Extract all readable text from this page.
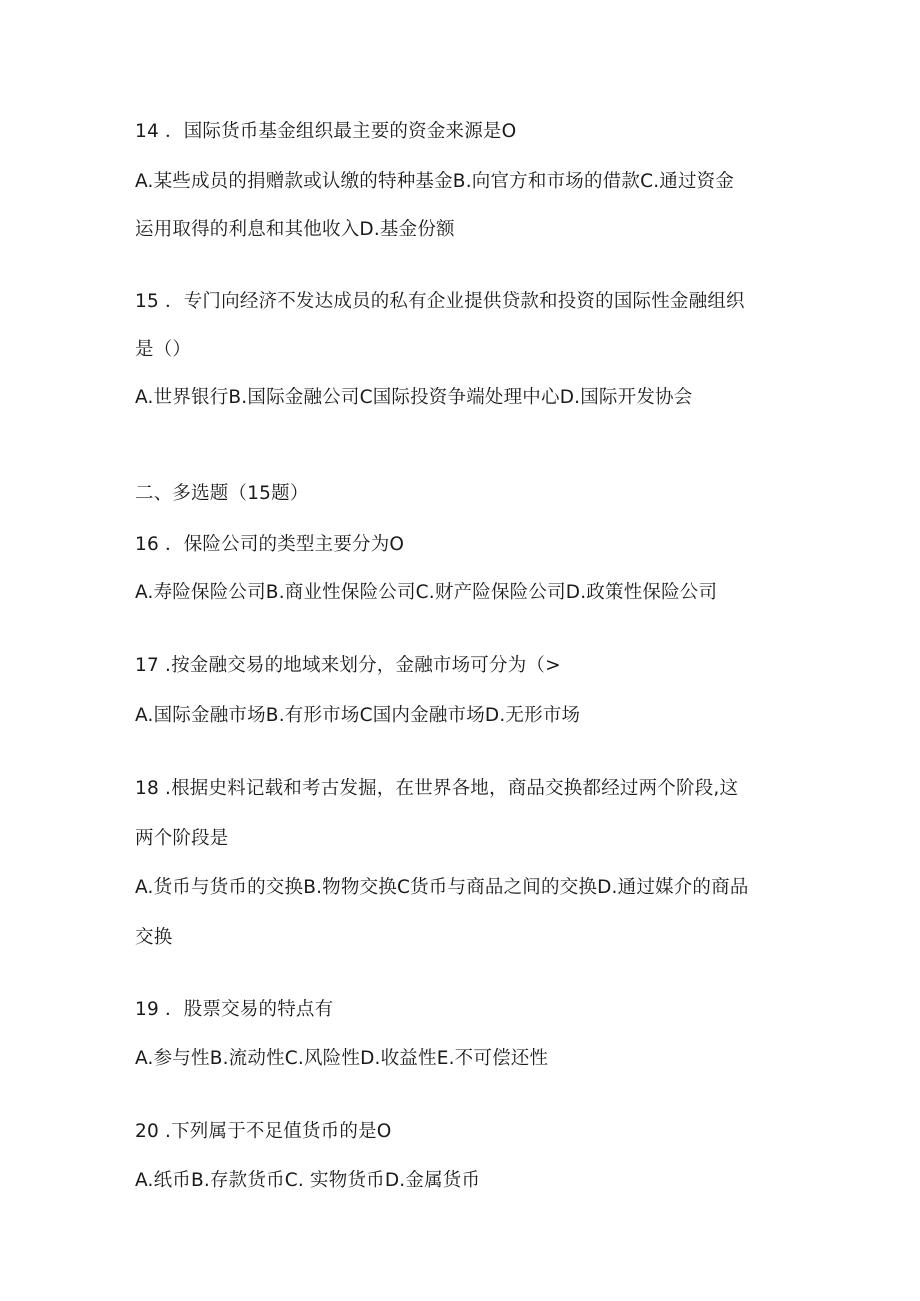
14 ．国际货币基金组织最主要的资金来源是O
A.某些成员的捐赠款或认缴的特种基金B.向官方和市场的借款C.通过资金
运用取得的利息和其他收入D.基金份额
15 ．专门向经济不发达成员的私有企业提供贷款和投资的国际性金融组织
是（）
A.世界银行B.国际金融公司C国际投资争端处理中心D.国际开发协会
二、多选题（15题）
16 ．保险公司的类型主要分为O
A.寿险保险公司B.商业性保险公司C.财产险保险公司D.政策性保险公司
17 .按金融交易的地域来划分，金融市场可分为（>
A.国际金融市场B.有形市场C国内金融市场D.无形市场
18 .根据史料记载和考古发掘，在世界各地，商品交换都经过两个阶段,这
两个阶段是
A.货币与货币的交换B.物物交换C货币与商品之间的交换D.通过媒介的商品
交换
19 ．股票交易的特点有
A.参与性B.流动性C.风险性D.收益性E.不可偿还性
20 .下列属于不足值货币的是O
A.纸币B.存款货币C. 实物货币D.金属货币
